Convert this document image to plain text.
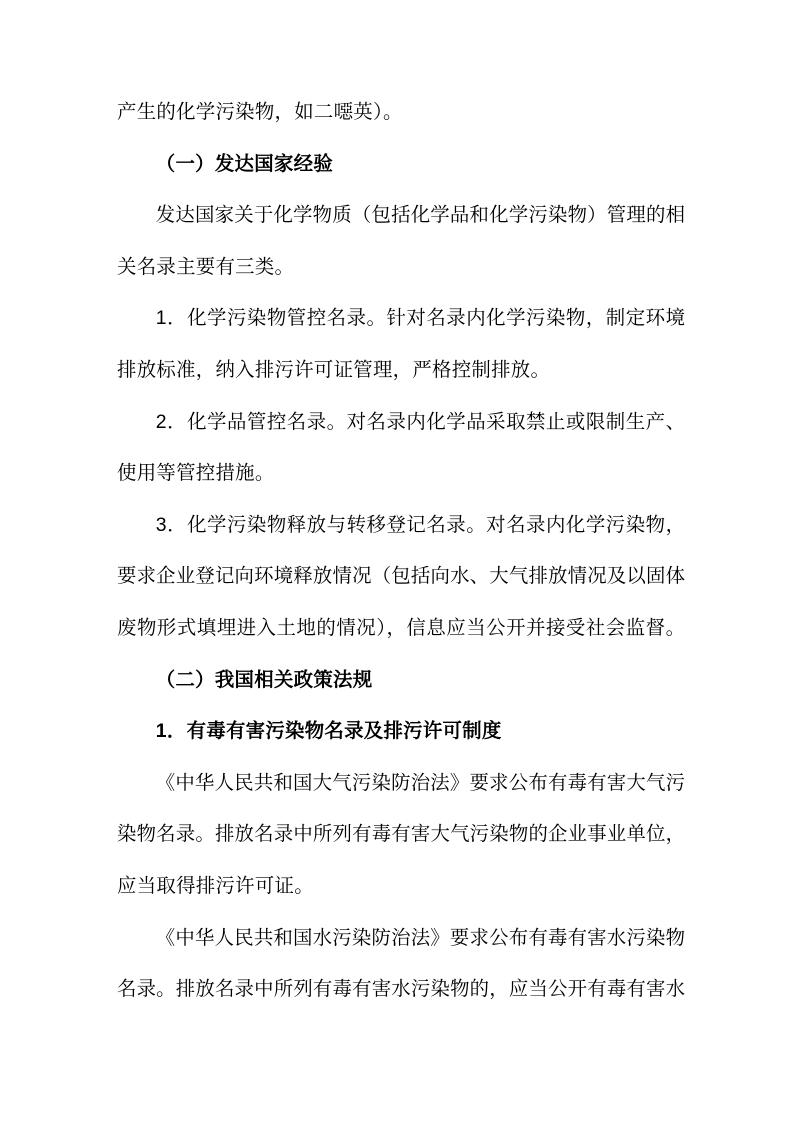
产生的化学污染物，如二噁英）。
（一）发达国家经验
发达国家关于化学物质（包括化学品和化学污染物）管理的相
关名录主要有三类。
1．化学污染物管控名录。针对名录内化学污染物，制定环境
排放标准，纳入排污许可证管理，严格控制排放。
2．化学品管控名录。对名录内化学品采取禁止或限制生产、
使用等管控措施。
3．化学污染物释放与转移登记名录。对名录内化学污染物，
要求企业登记向环境释放情况（包括向水、大气排放情况及以固体
废物形式填埋进入土地的情况），信息应当公开并接受社会监督。
（二）我国相关政策法规
1．有毒有害污染物名录及排污许可制度
《中华人民共和国大气污染防治法》要求公布有毒有害大气污
染物名录。排放名录中所列有毒有害大气污染物的企业事业单位，
应当取得排污许可证。
《中华人民共和国水污染防治法》要求公布有毒有害水污染物
名录。排放名录中所列有毒有害水污染物的，应当公开有毒有害水
